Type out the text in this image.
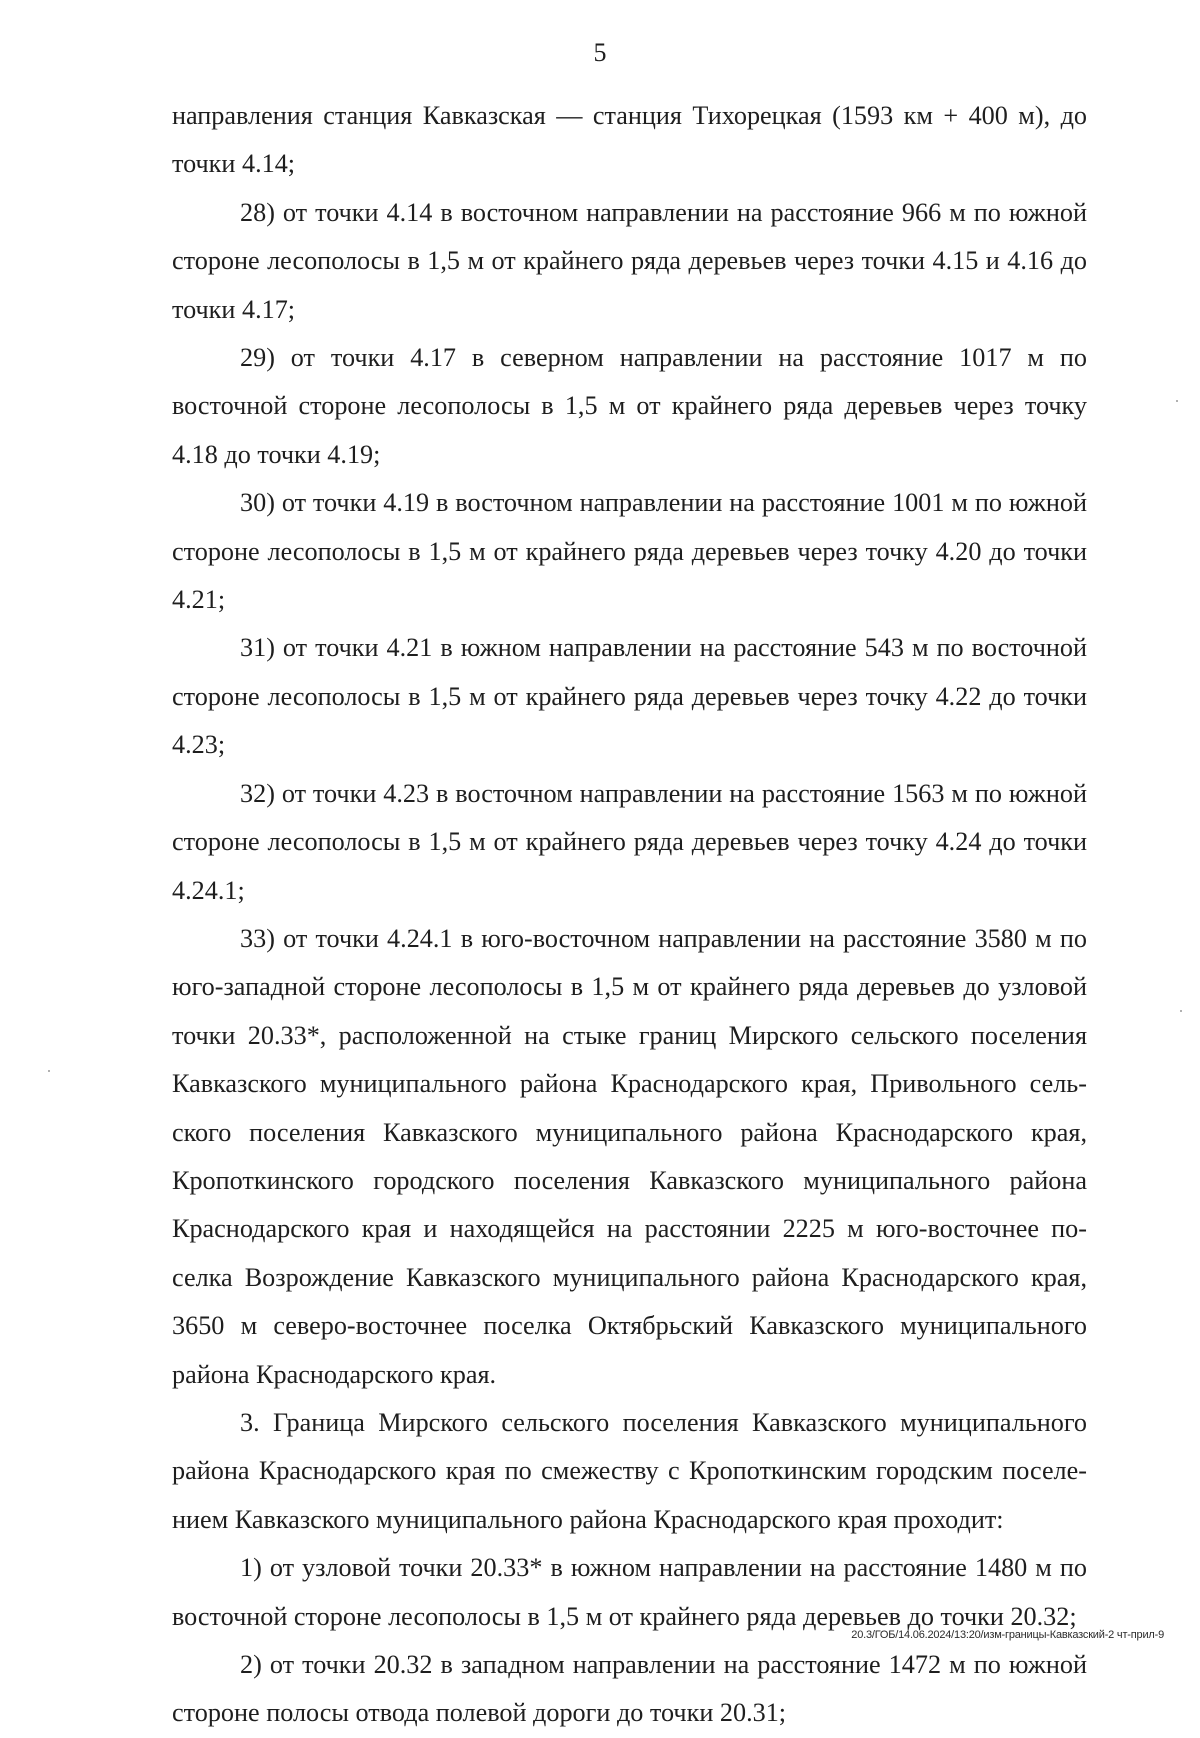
5

направления станция Кавказская — станция Тихорецкая (1593 км + 400 м), до точки 4.14;

28) от точки 4.14 в восточном направлении на расстояние 966 м по южной стороне лесополосы в 1,5 м от крайнего ряда деревьев через точки 4.15 и 4.16 до точки 4.17;

29) от точки 4.17 в северном направлении на расстояние 1017 м по восточной стороне лесополосы в 1,5 м от крайнего ряда деревьев через точку 4.18 до точки 4.19;

30) от точки 4.19 в восточном направлении на расстояние 1001 м по южной стороне лесополосы в 1,5 м от крайнего ряда деревьев через точку 4.20 до точки 4.21;

31) от точки 4.21 в южном направлении на расстояние 543 м по восточной стороне лесополосы в 1,5 м от крайнего ряда деревьев через точку 4.22 до точки 4.23;

32) от точки 4.23 в восточном направлении на расстояние 1563 м по южной стороне лесополосы в 1,5 м от крайнего ряда деревьев через точку 4.24 до точки 4.24.1;

33) от точки 4.24.1 в юго-восточном направлении на расстояние 3580 м по юго-западной стороне лесополосы в 1,5 м от крайнего ряда деревьев до узловой точки 20.33*, расположенной на стыке границ Мирского сельского поселения Кавказского муниципального района Краснодарского края, Привольного сельского поселения Кавказского муниципального района Краснодарского края, Кропоткинского городского поселения Кавказского муниципального района Краснодарского края и находящейся на расстоянии 2225 м юго-восточнее поселка Возрождение Кавказского муниципального района Краснодарского края, 3650 м северо-восточнее поселка Октябрьский Кавказского муниципального района Краснодарского края.

3. Граница Мирского сельского поселения Кавказского муниципального района Краснодарского края по смежеству с Кропоткинским городским поселением Кавказского муниципального района Краснодарского края проходит:

1) от узловой точки 20.33* в южном направлении на расстояние 1480 м по восточной стороне лесополосы в 1,5 м от крайнего ряда деревьев до точки 20.32;

2) от точки 20.32 в западном направлении на расстояние 1472 м по южной стороне полосы отвода полевой дороги до точки 20.31;

20.3/ГОБ/14.06.2024/13:20/изм-границы-Кавказский-2 чт-прил-9
